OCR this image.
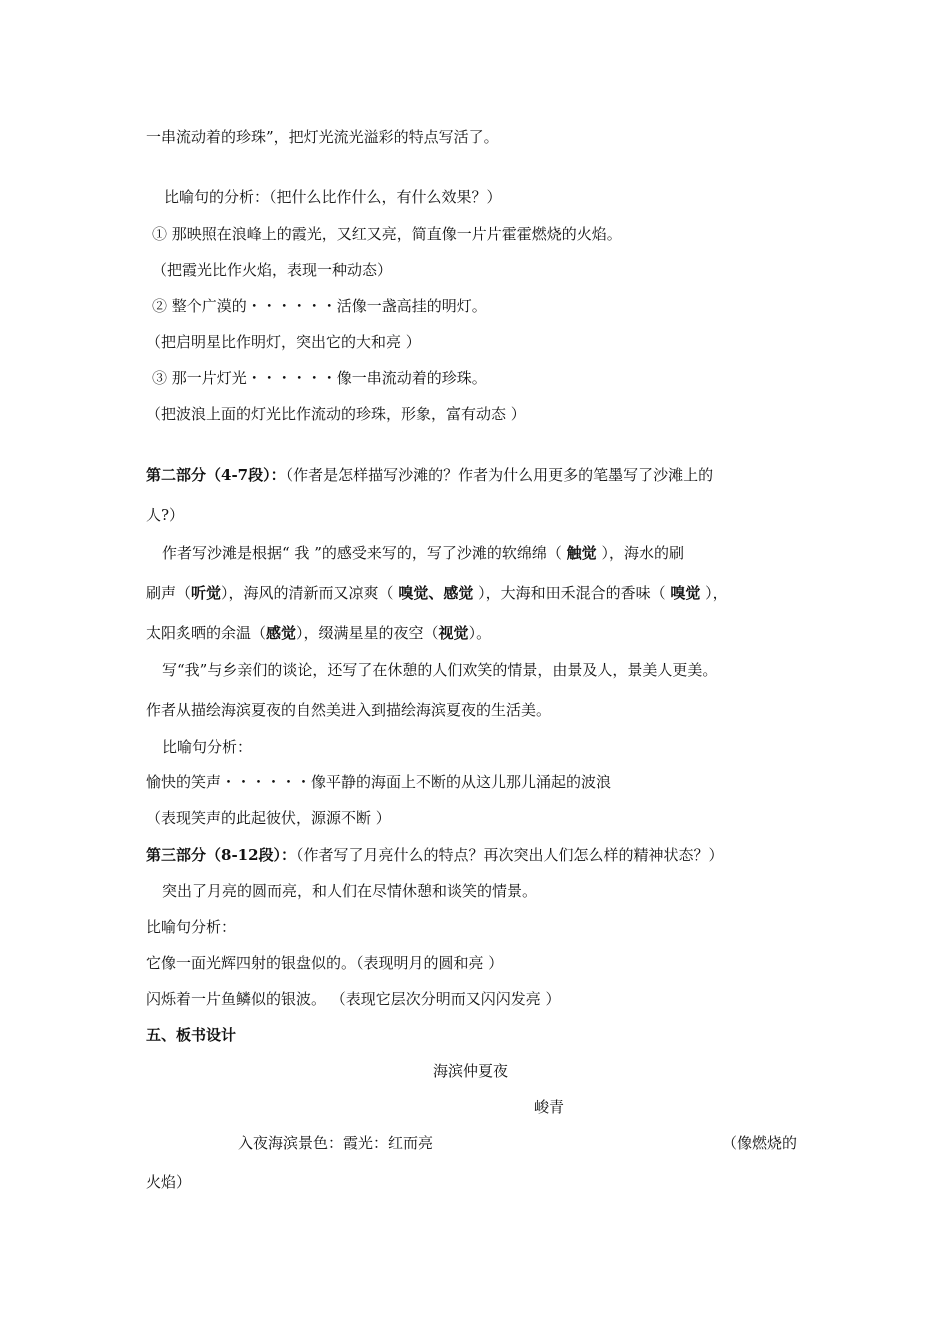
一串流动着的珍珠”，把灯光流光溢彩的特点写活了。
比喻句的分析：（把什么比作什么，有什么效果？）
① 那映照在浪峰上的霞光，又红又亮，简直像一片片霍霍燃烧的火焰。
（把霞光比作火焰，表现一种动态）
② 整个广漠的・・・・・・活像一盏高挂的明灯。
（把启明星比作明灯，突出它的大和亮 ）
③ 那一片灯光・・・・・・像一串流动着的珍珠。
（把波浪上面的灯光比作流动的珍珠，形象，富有动态 ）
第二部分（4-7段）：（作者是怎样描写沙滩的？作者为什么用更多的笔墨写了沙滩上的
人?）
作者写沙滩是根据“ 我 ”的感受来写的，写了沙滩的软绵绵（ 触觉 ），海水的刷
刷声（听觉），海风的清新而又凉爽（ 嗅觉、感觉 ），大海和田禾混合的香味（ 嗅觉 ），
太阳炙晒的余温（感觉），缀满星星的夜空（视觉）。
写“我”与乡亲们的谈论，还写了在休憩的人们欢笑的情景，由景及人，景美人更美。
作者从描绘海滨夏夜的自然美进入到描绘海滨夏夜的生活美。
比喻句分析：
愉快的笑声・・・・・・像平静的海面上不断的从这儿那儿涌起的波浪
（表现笑声的此起彼伏，源源不断 ）
第三部分（8-12段）：（作者写了月亮什么的特点？再次突出人们怎么样的精神状态？）
突出了月亮的圆而亮，和人们在尽情休憩和谈笑的情景。
比喻句分析：
它像一面光辉四射的银盘似的。（表现明月的圆和亮 ）
闪烁着一片鱼鳞似的银波。 （表现它层次分明而又闪闪发亮 ）
五、板书设计
海滨仲夏夜
峻青
入夜海滨景色：霞光：红而亮	（像燃烧的
火焰）
